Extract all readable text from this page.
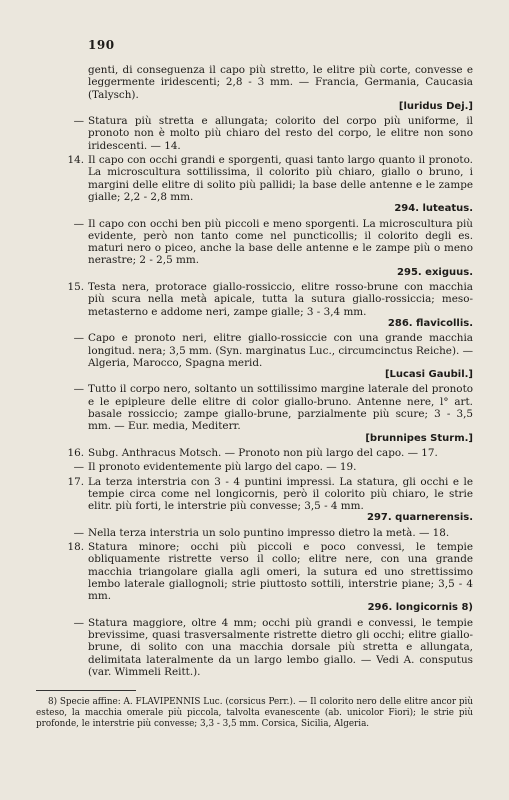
190
genti, di conseguenza il capo più stretto, le elitre più corte, convesse e leggermente iridescenti; 2,8 - 3 mm. — Francia, Germania, Caucasia (Talysch).
[luridus Dej.]
— Statura più stretta e allungata; colorito del corpo più uniforme, il pronoto non è molto più chiaro del resto del corpo, le elitre non sono iridescenti. — 14.
14. Il capo con occhi grandi e sporgenti, quasi tanto largo quanto il pronoto. La microscultura sottilissima, il colorito più chiaro, giallo o bruno, i margini delle elitre di solito più pallidi; la base delle antenne e le zampe gialle; 2,2 - 2,8 mm.
294. luteatus.
— Il capo con occhi ben più piccoli e meno sporgenti. La microscultura più evidente, però non tanto come nel puncticollis; il colorito degli es. maturi nero o piceo, anche la base delle antenne e le zampe più o meno nerastre; 2 - 2,5 mm.
295. exiguus.
15. Testa nera, protorace giallo-rossiccio, elitre rosso-brune con macchia più scura nella metà apicale, tutta la sutura giallo-rossiccia; meso-metasterno e addome neri, zampe gialle; 3 - 3,4 mm.
286. flavicollis.
— Capo e pronoto neri, elitre giallo-rossiccie con una grande macchia longitud. nera; 3,5 mm. (Syn. marginatus Luc., circumcinctus Reiche). — Algeria, Marocco, Spagna merid.
[Lucasi Gaubil.]
— Tutto il corpo nero, soltanto un sottilissimo margine laterale del pronoto e le epipleure delle elitre di color giallo-bruno. Antenne nere, l° art. basale rossiccio; zampe giallo-brune, parzialmente più scure; 3 - 3,5 mm. — Eur. media, Mediterr.
[brunnipes Sturm.]
16. Subg. Anthracus Motsch. — Pronoto non più largo del capo. — 17.
— Il pronoto evidentemente più largo del capo. — 19.
17. La terza interstria con 3 - 4 puntini impressi. La statura, gli occhi e le tempie circa come nel longicornis, però il colorito più chiaro, le strie elitr. più forti, le interstrie più convesse; 3,5 - 4 mm.
297. quarnerensis.
— Nella terza interstria un solo puntino impresso dietro la metà. — 18.
18. Statura minore; occhi più piccoli e poco convessi, le tempie obliquamente ristrette verso il collo; elitre nere, con una grande macchia triangolare gialla agli omeri, la sutura ed uno strettissimo lembo laterale giallognoli; strie piuttosto sottili, interstrie piane; 3,5 - 4 mm.
296. longicornis 8)
— Statura maggiore, oltre 4 mm; occhi più grandi e convessi, le tempie brevissime, quasi trasversalmente ristrette dietro gli occhi; elitre giallo-brune, di solito con una macchia dorsale più stretta e allungata, delimitata lateralmente da un largo lembo giallo. — Vedi A. consputus (var. Wimmeli Reitt.).
8) Specie affine: A. FLAVIPENNIS Luc. (corsicus Perr.). — Il colorito nero delle elitre ancor più esteso, la macchia omerale più piccola, talvolta evanescente (ab. unicolor Fiori); le strie più profonde, le interstrie più convesse; 3,3 - 3,5 mm. Corsica, Sicilia, Algeria.
